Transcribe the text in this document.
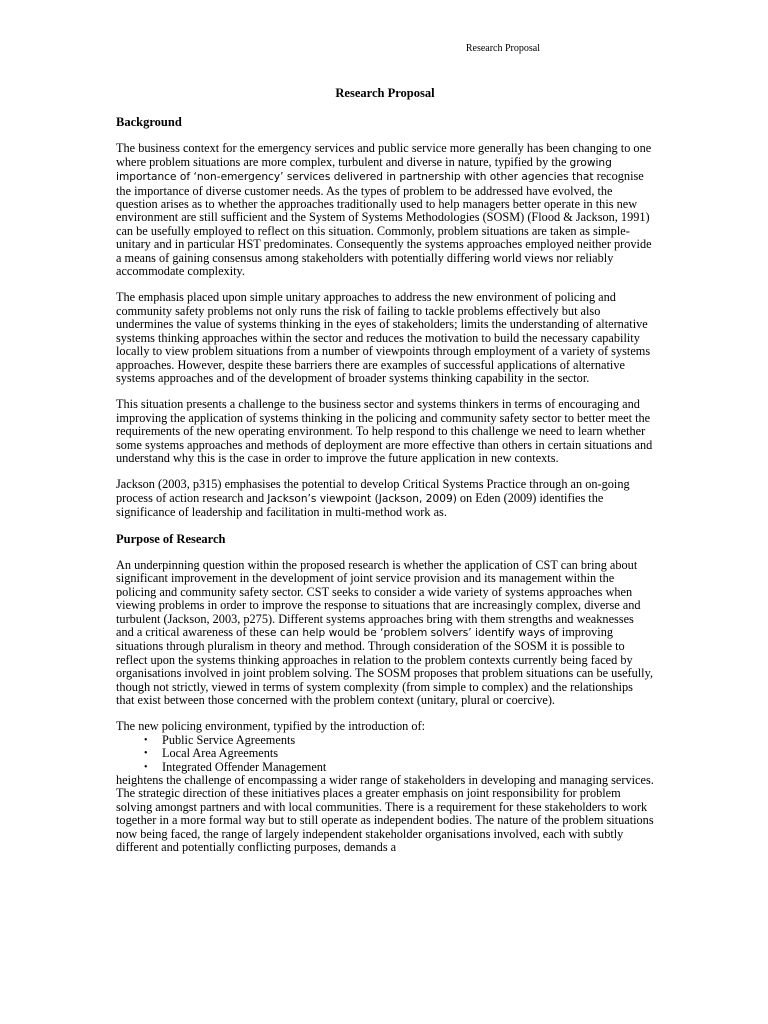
Research Proposal
Research Proposal
Background

The business context for the emergency services and public service more generally has been changing to one where problem situations are more complex, turbulent and diverse in nature, typified by the growing importance of ‘non-emergency’ services delivered in partnership with other agencies that recognise the importance of diverse customer needs. As the types of problem to be addressed have evolved, the question arises as to whether the approaches traditionally used to help managers better operate in this new environment are still sufficient and the System of Systems Methodologies (SOSM) (Flood & Jackson, 1991) can be usefully employed to reflect on this situation. Commonly, problem situations are taken as simple-unitary and in particular HST predominates. Consequently the systems approaches employed neither provide a means of gaining consensus among stakeholders with potentially differing world views nor reliably accommodate complexity.

The emphasis placed upon simple unitary approaches to address the new environment of policing and community safety problems not only runs the risk of failing to tackle problems effectively but also undermines the value of systems thinking in the eyes of stakeholders; limits the understanding of alternative systems thinking approaches within the sector and reduces the motivation to build the necessary capability locally to view problem situations from a number of viewpoints through employment of a variety of systems approaches. However, despite these barriers there are examples of successful applications of alternative systems approaches and of the development of broader systems thinking capability in the sector.

This situation presents a challenge to the business sector and systems thinkers in terms of encouraging and improving the application of systems thinking in the policing and community safety sector to better meet the requirements of the new operating environment. To help respond to this challenge we need to learn whether some systems approaches and methods of deployment are more effective than others in certain situations and understand why this is the case in order to improve the future application in new contexts.

Jackson (2003, p315) emphasises the potential to develop Critical Systems Practice through an on-going process of action research and Jackson’s viewpoint (Jackson, 2009) on Eden (2009) identifies the significance of leadership and facilitation in multi-method work as.

Purpose of Research

An underpinning question within the proposed research is whether the application of CST can bring about significant improvement in the development of joint service provision and its management within the policing and community safety sector. CST seeks to consider a wide variety of systems approaches when viewing problems in order to improve the response to situations that are increasingly complex, diverse and turbulent (Jackson, 2003, p275). Different systems approaches bring with them strengths and weaknesses and a critical awareness of these can help would be ‘problem solvers’ identify ways of improving situations through pluralism in theory and method. Through consideration of the SOSM it is possible to reflect upon the systems thinking approaches in relation to the problem contexts currently being faced by organisations involved in joint problem solving. The SOSM proposes that problem situations can be usefully, though not strictly, viewed in terms of system complexity (from simple to complex) and the relationships that exist between those concerned with the problem context (unitary, plural or coercive).

The new policing environment, typified by the introduction of:

• Public Service Agreements
• Local Area Agreements
• Integrated Offender Management

heightens the challenge of encompassing a wider range of stakeholders in developing and managing services. The strategic direction of these initiatives places a greater emphasis on joint responsibility for problem solving amongst partners and with local communities. There is a requirement for these stakeholders to work together in a more formal way but to still operate as independent bodies. The nature of the problem situations now being faced, the range of largely independent stakeholder organisations involved, each with subtly different and potentially conflicting purposes, demands a
